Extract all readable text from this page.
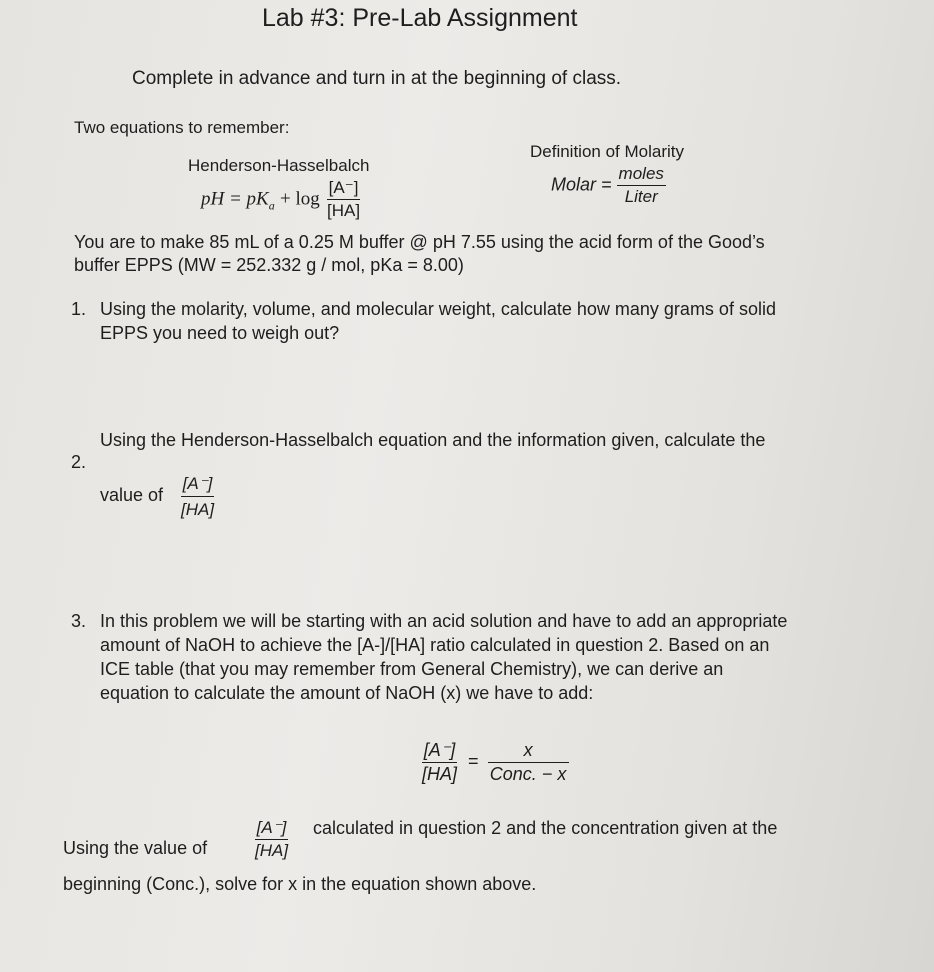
Lab #3: Pre-Lab Assignment
Complete in advance and turn in at the beginning of class.
Two equations to remember:
Henderson-Hasselbalch
pH = $pK_a + \log \frac{[A^-]}{[HA]}$
Definition of Molarity
Molar = $\frac{\text{moles}}{\text{Liter}}$
You are to make 85 mL of a 0.25 M buffer @ pH 7.55 using the acid form of the Good’s
buffer EPPS (MW = 252.332 g / mol, pKa = 8.00)
1. Using the molarity, volume, and molecular weight, calculate how many grams of solid
EPPS you need to weigh out?
2.
Using the Henderson-Hasselbalch equation and the information given, calculate the
value of $\frac{[A^-]}{[HA]}$
3. In this problem we will be starting with an acid solution and have to add an appropriate
amount of NaOH to achieve the [A-]/[HA] ratio calculated in question 2. Based on an
ICE table (that you may remember from General Chemistry), we can derive an
equation to calculate the amount of NaOH (x) we have to add:
$\frac{[A^-]}{[HA]} = \frac{x}{\text{Conc. − x}}$
Using the value of	$\frac{[A^-]}{[HA]}$ calculated in question 2 and the concentration given at the
beginning (Conc.), solve for x in the equation shown above.
